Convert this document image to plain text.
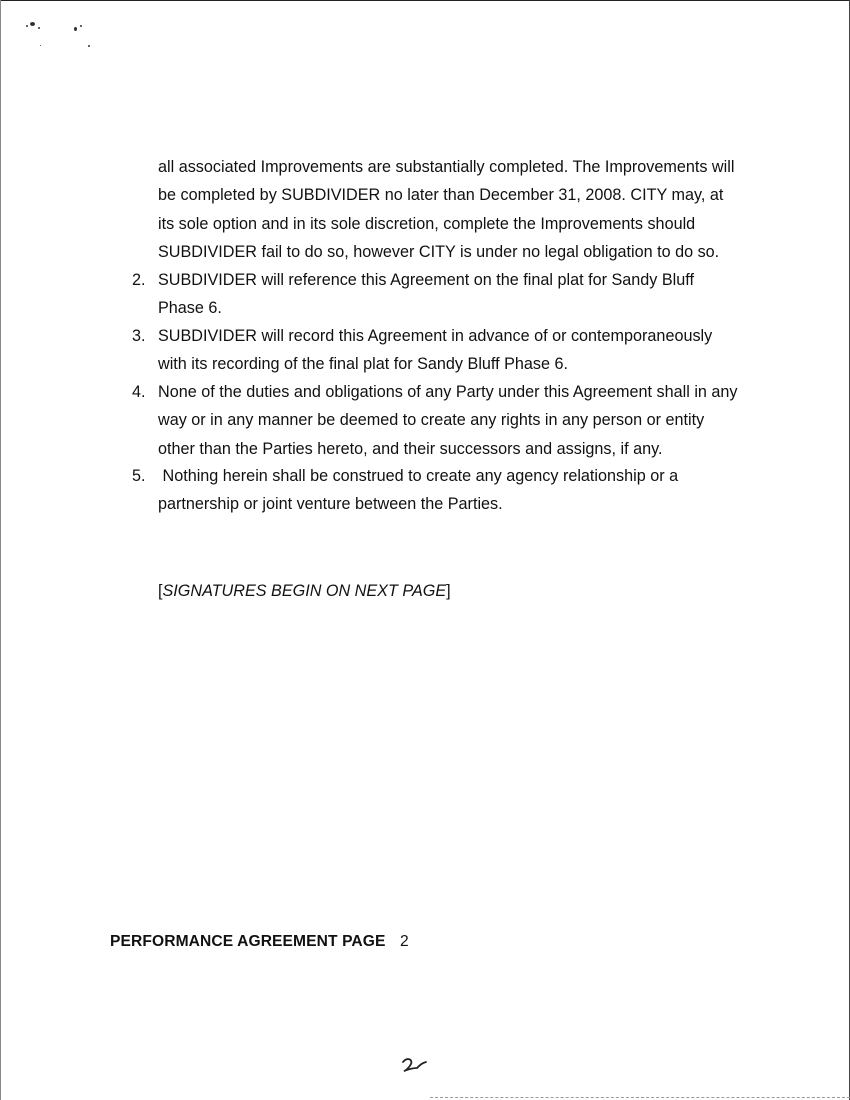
all associated Improvements are substantially completed. The Improvements will
be completed by SUBDIVIDER no later than December 31, 2008. CITY may, at
its sole option and in its sole discretion, complete the Improvements should
SUBDIVIDER fail to do so, however CITY is under no legal obligation to do so.
2. SUBDIVIDER will reference this Agreement on the final plat for Sandy Bluff
Phase 6.
3. SUBDIVIDER will record this Agreement in advance of or contemporaneously
with its recording of the final plat for Sandy Bluff Phase 6.
4. None of the duties and obligations of any Party under this Agreement shall in any
way or in any manner be deemed to create any rights in any person or entity
other than the Parties hereto, and their successors and assigns, if any.
5. Nothing herein shall be construed to create any agency relationship or a
partnership or joint venture between the Parties.
[SIGNATURES BEGIN ON NEXT PAGE]
PERFORMANCE AGREEMENT PAGE 2
